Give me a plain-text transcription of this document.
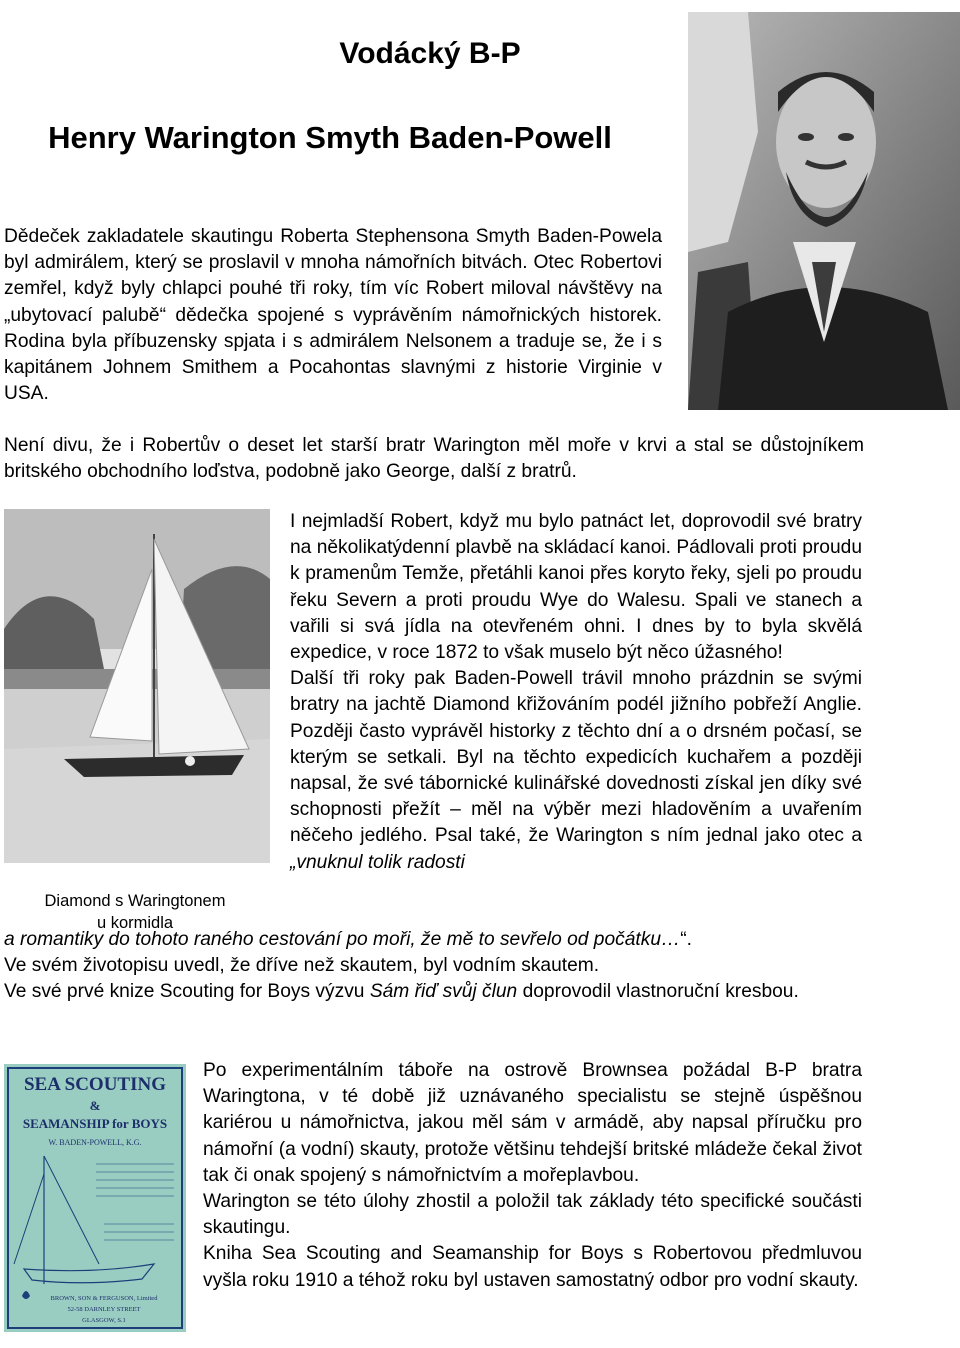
Vodácký B-P
Henry Warington Smyth Baden-Powell

Dědeček zakladatele skautingu Roberta Stephensona Smyth Baden-Powela byl admirálem, který se proslavil v mnoha námořních bitvách. Otec Robertovi zemřel, když byly chlapci pouhé tři roky, tím víc Robert miloval návštěvy na „ubytovací palubě“ dědečka spojené s vyprávěním námořnických historek. Rodina byla příbuzensky spjata i s admirálem Nelsonem a traduje se, že i s kapitánem Johnem Smithem a Pocahontas slavnými z historie Virginie v USA.

Není divu, že i Robertův o deset let starší bratr Warington měl moře v krvi a stal se důstojníkem britského obchodního loďstva, podobně jako George, další z bratrů.

Diamond s Waringtonem
u kormidla

I nejmladší Robert, když mu bylo patnáct let, doprovodil své bratry na několikatýdenní plavbě na skládací kanoi. Pádlovali proti proudu k pramenům Temže, přetáhli kanoi přes koryto řeky, sjeli po proudu řeku Severn a proti proudu Wye do Walesu. Spali ve stanech a vařili si svá jídla na otevřeném ohni. I dnes by to byla skvělá expedice, v roce 1872 to však muselo být něco úžasného!

Další tři roky pak Baden-Powell trávil mnoho prázdnin se svými bratry na jachtě Diamond křižováním podél jižního pobřeží Anglie. Později často vyprávěl historky z těchto dní a o drsném počasí, se kterým se setkali. Byl na těchto expedicích kuchařem a později napsal, že své tábornické kulinářské dovednosti získal jen díky své schopnosti přežít – měl na výběr mezi hladověním a uvařením něčeho jedlého. Psal také, že Warington s ním jednal jako otec a „vnuknul tolik radosti

a romantiky do tohoto raného cestování po moři, že mě to sevřelo od počátku…“.

Ve svém životopisu uvedl, že dříve než skautem, byl vodním skautem.

Ve své prvé knize Scouting for Boys výzvu Sám řiď svůj člun doprovodil vlastnoruční kresbou.

SEA SCOUTING
&
SEAMANSHIP for BOYS
W. BADEN-POWELL, K.G.
BROWN, SON & FERGUSON, Limited
52-58 DARNLEY STREET
GLASGOW, S.1

Po experimentálním táboře na ostrově Brownsea požádal B-P bratra Waringtona, v té době již uznávaného specialistu se stejně úspěšnou kariérou u námořnictva, jakou měl sám v armádě, aby napsal příručku pro námořní (a vodní) skauty, protože většinu tehdejší britské mládeže čekal život tak či onak spojený s námořnictvím a mořeplavbou.

Warington se této úlohy zhostil a položil tak základy této specifické součásti skautingu.

Kniha Sea Scouting and Seamanship for Boys s Robertovou předmluvou vyšla roku 1910 a téhož roku byl ustaven samostatný odbor pro vodní skauty.
